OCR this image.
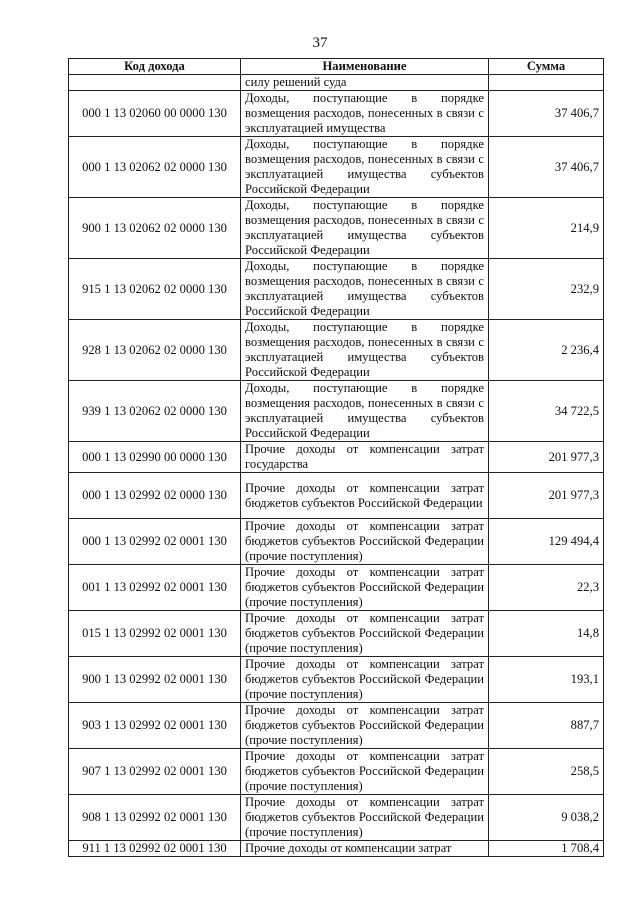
37
Код дохода	Наименование	Сумма
	силу решений суда	
000 1 13 02060 00 0000 130	Доходы, поступающие в порядке возмещения расходов, понесенных в связи с эксплуатацией имущества	37 406,7
000 1 13 02062 02 0000 130	Доходы, поступающие в порядке возмещения расходов, понесенных в связи с эксплуатацией имущества субъектов Российской Федерации	37 406,7
900 1 13 02062 02 0000 130	Доходы, поступающие в порядке возмещения расходов, понесенных в связи с эксплуатацией имущества субъектов Российской Федерации	214,9
915 1 13 02062 02 0000 130	Доходы, поступающие в порядке возмещения расходов, понесенных в связи с эксплуатацией имущества субъектов Российской Федерации	232,9
928 1 13 02062 02 0000 130	Доходы, поступающие в порядке возмещения расходов, понесенных в связи с эксплуатацией имущества субъектов Российской Федерации	2 236,4
939 1 13 02062 02 0000 130	Доходы, поступающие в порядке возмещения расходов, понесенных в связи с эксплуатацией имущества субъектов Российской Федерации	34 722,5
000 1 13 02990 00 0000 130	Прочие доходы от компенсации затрат государства	201 977,3
000 1 13 02992 02 0000 130	Прочие доходы от компенсации затрат бюджетов субъектов Российской Федерации	201 977,3
000 1 13 02992 02 0001 130	Прочие доходы от компенсации затрат бюджетов субъектов Российской Федерации (прочие поступления)	129 494,4
001 1 13 02992 02 0001 130	Прочие доходы от компенсации затрат бюджетов субъектов Российской Федерации (прочие поступления)	22,3
015 1 13 02992 02 0001 130	Прочие доходы от компенсации затрат бюджетов субъектов Российской Федерации (прочие поступления)	14,8
900 1 13 02992 02 0001 130	Прочие доходы от компенсации затрат бюджетов субъектов Российской Федерации (прочие поступления)	193,1
903 1 13 02992 02 0001 130	Прочие доходы от компенсации затрат бюджетов субъектов Российской Федерации (прочие поступления)	887,7
907 1 13 02992 02 0001 130	Прочие доходы от компенсации затрат бюджетов субъектов Российской Федерации (прочие поступления)	258,5
908 1 13 02992 02 0001 130	Прочие доходы от компенсации затрат бюджетов субъектов Российской Федерации (прочие поступления)	9 038,2
911 1 13 02992 02 0001 130	Прочие доходы от компенсации затрат	1 708,4
